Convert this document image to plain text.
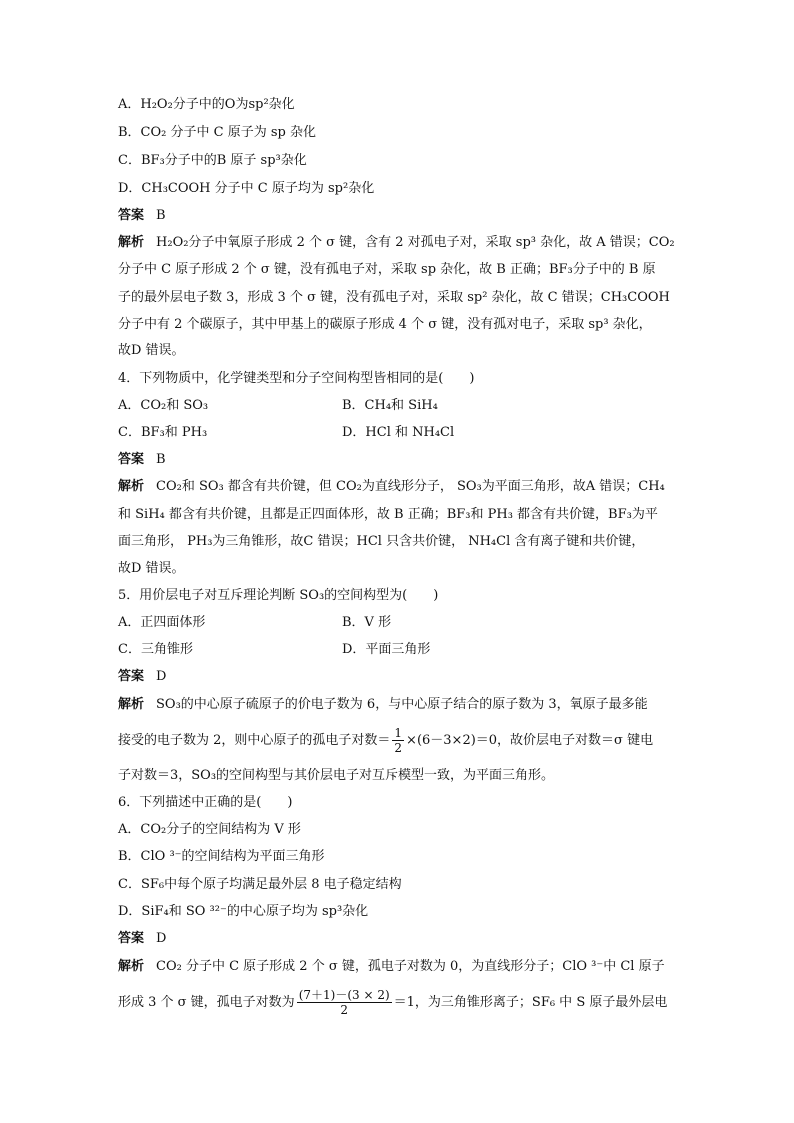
A．H₂O₂分子中的O为sp²杂化
B．CO₂ 分子中 C 原子为 sp 杂化
C．BF₃分子中的B 原子 sp³杂化
D．CH₃COOH 分子中 C 原子均为 sp²杂化
答案 B
解析 H₂O₂分子中氧原子形成 2 个 σ 键，含有 2 对孤电子对，采取 sp³ 杂化，故 A 错误；CO₂
分子中 C 原子形成 2 个 σ 键，没有孤电子对，采取 sp 杂化，故 B 正确；BF₃分子中的 B 原
子的最外层电子数 3，形成 3 个 σ 键，没有孤电子对，采取 sp² 杂化，故 C 错误；CH₃COOH
分子中有 2 个碳原子，其中甲基上的碳原子形成 4 个 σ 键，没有孤对电子，采取 sp³ 杂化，
故D 错误。
4．下列物质中，化学键类型和分子空间构型皆相同的是(　　)
A．CO₂和 SO₃	B．CH₄和 SiH₄
C．BF₃和 PH₃	D．HCl 和 NH₄Cl
答案 B
解析 CO₂和 SO₃ 都含有共价键，但 CO₂为直线形分子， SO₃为平面三角形，故A 错误；CH₄
和 SiH₄ 都含有共价键，且都是正四面体形，故 B 正确；BF₃和 PH₃ 都含有共价键，BF₃为平
面三角形， PH₃为三角锥形，故C 错误；HCl 只含共价键， NH₄Cl 含有离子键和共价键，
故D 错误。
5．用价层电子对互斥理论判断 SO₃的空间构型为(　　)
A．正四面体形	B．V 形
C．三角锥形	D．平面三角形
答案 D
解析 SO₃的中心原子硫原子的价电子数为 6，与中心原子结合的原子数为 3，氧原子最多能
接受的电子数为 2，则中心原子的孤电子对数＝ $\frac{1}{2} \times(6-3\times 2)=0$，故价层电子对数＝σ 键电
子对数＝3，SO₃的空间构型与其价层电子对互斥模型一致，为平面三角形。
6．下列描述中正确的是(　　)
A．CO₂分子的空间结构为 V 形
B．ClO ³⁻的空间结构为平面三角形
C．SF₆中每个原子均满足最外层 8 电子稳定结构
D．SiF₄和 SO ³²⁻的中心原子均为 sp³杂化
答案 D
解析 CO₂ 分子中 C 原子形成 2 个 σ 键，孤电子对数为 0，为直线形分子；ClO ³⁻中 Cl 原子
形成 3 个 σ 键，孤电子对数为 $\frac{(7+1)-(3 \times 2)}{2} =1$，为三角锥形离子；SF₆ 中 S 原子最外层电
